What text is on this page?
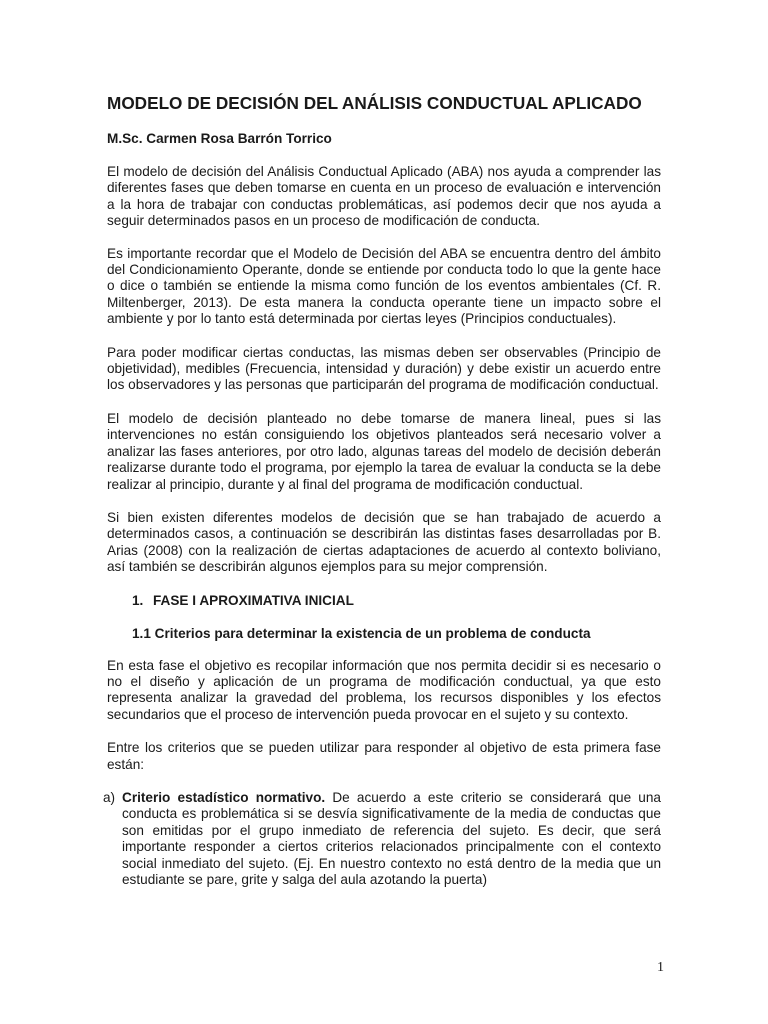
MODELO DE DECISIÓN DEL ANÁLISIS CONDUCTUAL APLICADO

M.Sc. Carmen Rosa Barrón Torrico

El modelo de decisión del Análisis Conductual Aplicado (ABA) nos ayuda a comprender las diferentes fases que deben tomarse en cuenta en un proceso de evaluación e intervención a la hora de trabajar con conductas problemáticas, así podemos decir que nos ayuda a seguir determinados pasos en un proceso de modificación de conducta.

Es importante recordar que el Modelo de Decisión del ABA se encuentra dentro del ámbito del Condicionamiento Operante, donde se entiende por conducta todo lo que la gente hace o dice o también se entiende la misma como función de los eventos ambientales (Cf. R. Miltenberger, 2013). De esta manera la conducta operante tiene un impacto sobre el ambiente y por lo tanto está determinada por ciertas leyes (Principios conductuales).

Para poder modificar ciertas conductas, las mismas deben ser observables (Principio de objetividad), medibles (Frecuencia, intensidad y duración) y debe existir un acuerdo entre los observadores y las personas que participarán del programa de modificación conductual.

El modelo de decisión planteado no debe tomarse de manera lineal, pues si las intervenciones no están consiguiendo los objetivos planteados será necesario volver a analizar las fases anteriores, por otro lado, algunas tareas del modelo de decisión deberán realizarse durante todo el programa, por ejemplo la tarea de evaluar la conducta se la debe realizar al principio, durante y al final del programa de modificación conductual.

Si bien existen diferentes modelos de decisión que se han trabajado de acuerdo a determinados casos, a continuación se describirán las distintas fases desarrolladas por B. Arias (2008) con la realización de ciertas adaptaciones de acuerdo al contexto boliviano, así también se describirán algunos ejemplos para su mejor comprensión.

1. FASE I APROXIMATIVA INICIAL
1.1 Criterios para determinar la existencia de un problema de conducta

En esta fase el objetivo es recopilar información que nos permita decidir si es necesario o no el diseño y aplicación de un programa de modificación conductual, ya que esto representa analizar la gravedad del problema, los recursos disponibles y los efectos secundarios que el proceso de intervención pueda provocar en el sujeto y su contexto.

Entre los criterios que se pueden utilizar para responder al objetivo de esta primera fase están:

a) Criterio estadístico normativo. De acuerdo a este criterio se considerará que una conducta es problemática si se desvía significativamente de la media de conductas que son emitidas por el grupo inmediato de referencia del sujeto. Es decir, que será importante responder a ciertos criterios relacionados principalmente con el contexto social inmediato del sujeto. (Ej. En nuestro contexto no está dentro de la media que un estudiante se pare, grite y salga del aula azotando la puerta)

1
